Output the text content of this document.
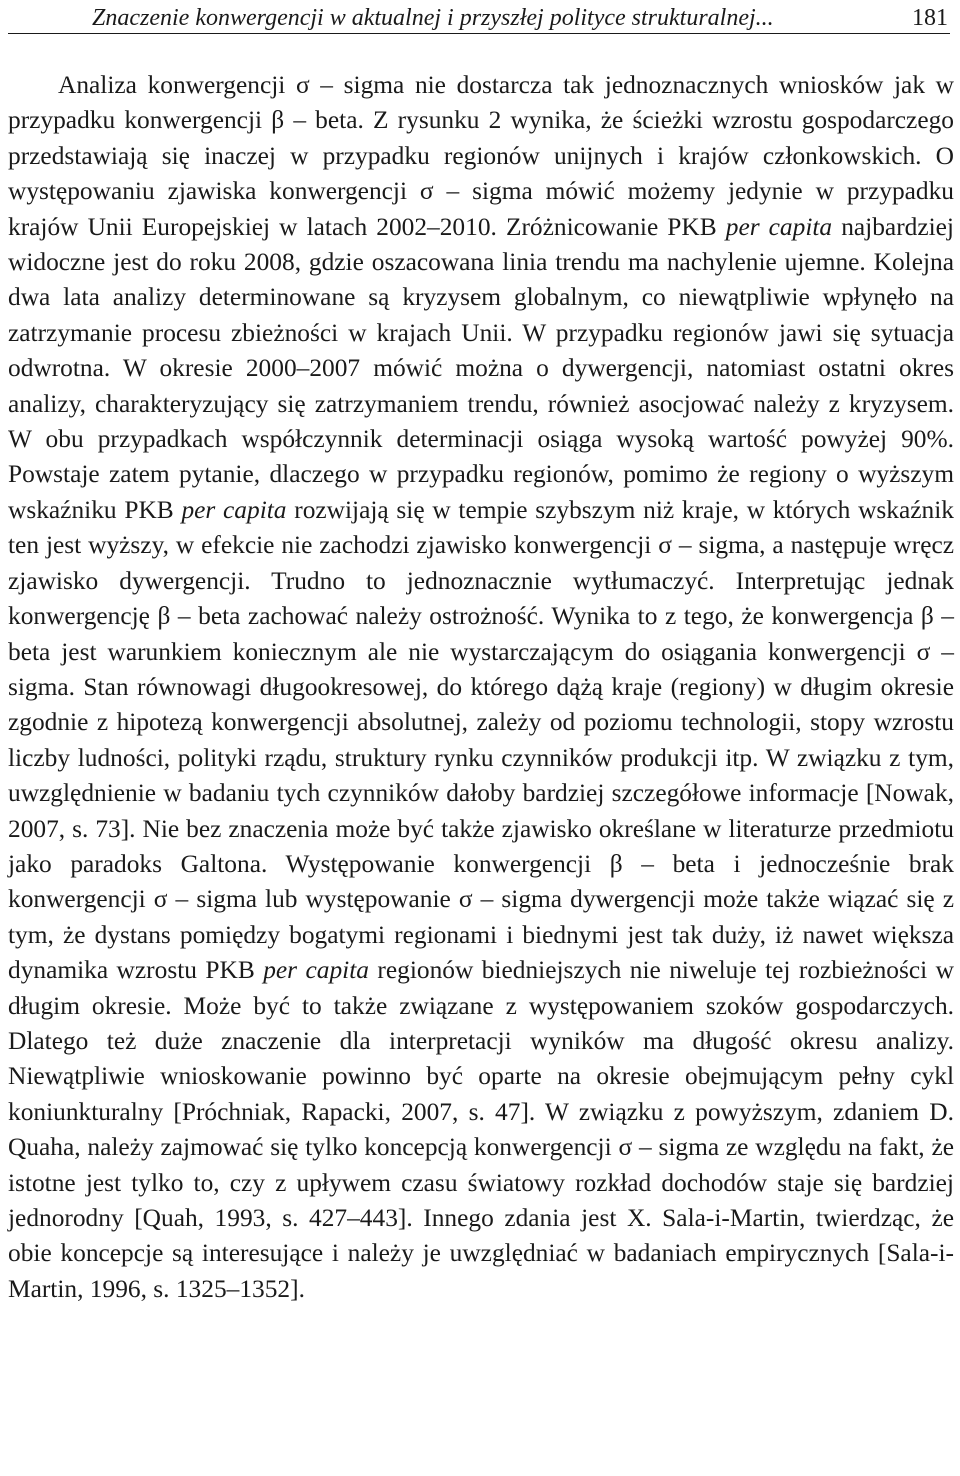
Znaczenie konwergencji w aktualnej i przyszłej polityce strukturalnej...	181

Analiza konwergencji σ – sigma nie dostarcza tak jednoznacznych wniosków jak w przypadku konwergencji β – beta. Z rysunku 2 wynika, że ścieżki wzrostu gospodarczego przedstawiają się inaczej w przypadku regionów unijnych i krajów członkowskich. O występowaniu zjawiska konwergencji σ – sigma mówić możemy jedynie w przypadku krajów Unii Europejskiej w latach 2002–2010. Zróżnicowanie PKB per capita najbardziej widoczne jest do roku 2008, gdzie oszacowana linia trendu ma nachylenie ujemne. Kolejna dwa lata analizy determinowane są kryzysem globalnym, co niewątpliwie wpłynęło na zatrzymanie procesu zbieżności w krajach Unii. W przypadku regionów jawi się sytuacja odwrotna. W okresie 2000–2007 mówić można o dywergencji, natomiast ostatni okres analizy, charakteryzujący się zatrzymaniem trendu, również asocjować należy z kryzysem. W obu przypadkach współczynnik determinacji osiąga wysoką wartość powyżej 90%. Powstaje zatem pytanie, dlaczego w przypadku regionów, pomimo że regiony o wyższym wskaźniku PKB per capita rozwijają się w tempie szybszym niż kraje, w których wskaźnik ten jest wyższy, w efekcie nie zachodzi zjawisko konwergencji σ – sigma, a następuje wręcz zjawisko dywergencji. Trudno to jednoznacznie wytłumaczyć. Interpretując jednak konwergencję β – beta zachować należy ostrożność. Wynika to z tego, że konwergencja β –beta jest warunkiem koniecznym ale nie wystarczającym do osiągania konwergencji σ – sigma. Stan równowagi długookresowej, do którego dążą kraje (regiony) w długim okresie zgodnie z hipotezą konwergencji absolutnej, zależy od poziomu technologii, stopy wzrostu liczby ludności, polityki rządu, struktury rynku czynników produkcji itp. W związku z tym, uwzględnienie w badaniu tych czynników dałoby bardziej szczegółowe informacje [Nowak, 2007, s. 73]. Nie bez znaczenia może być także zjawisko określane w literaturze przedmiotu jako paradoks Galtona. Występowanie konwergencji β – beta i jednocześnie brak konwergencji σ – sigma lub występowanie σ – sigma dywergencji może także wiązać się z tym, że dystans pomiędzy bogatymi regionami i biednymi jest tak duży, iż nawet większa dynamika wzrostu PKB per capita regionów biedniejszych nie niweluje tej rozbieżności w długim okresie. Może być to także związane z występowaniem szoków gospodarczych. Dlatego też duże znaczenie dla interpretacji wyników ma długość okresu analizy. Niewątpliwie wnioskowanie powinno być oparte na okresie obejmującym pełny cykl koniunkturalny [Próchniak, Rapacki, 2007, s. 47]. W związku z powyższym, zdaniem D. Quaha, należy zajmować się tylko koncepcją konwergencji σ – sigma ze względu na fakt, że istotne jest tylko to, czy z upływem czasu światowy rozkład dochodów staje się bardziej jednorodny [Quah, 1993, s. 427–443]. Innego zdania jest X. Sala-i-Martin, twierdząc, że obie koncepcje są interesujące i należy je uwzględniać w badaniach empirycznych [Sala-i-Martin, 1996, s. 1325–1352].
